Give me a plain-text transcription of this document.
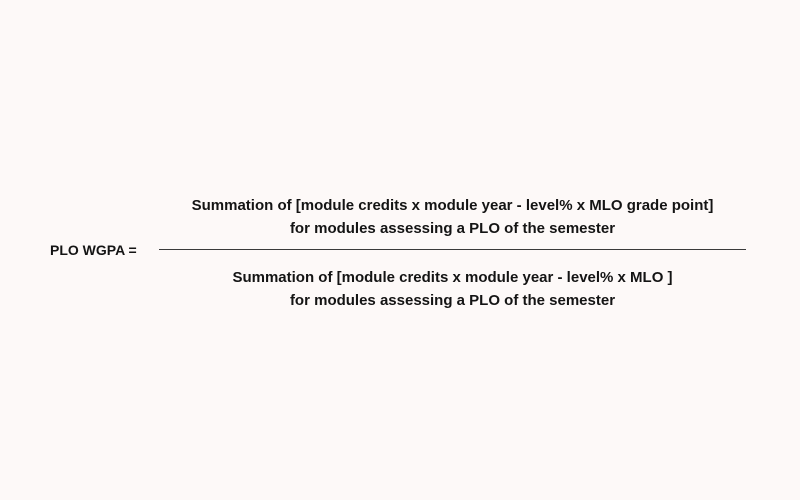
PLO WGPA =
Summation of [module credits x module year - level% x MLO grade point]
for modules assessing a PLO of the semester
Summation of [module credits x module year - level% x MLO ]
for modules assessing a PLO of the semester
